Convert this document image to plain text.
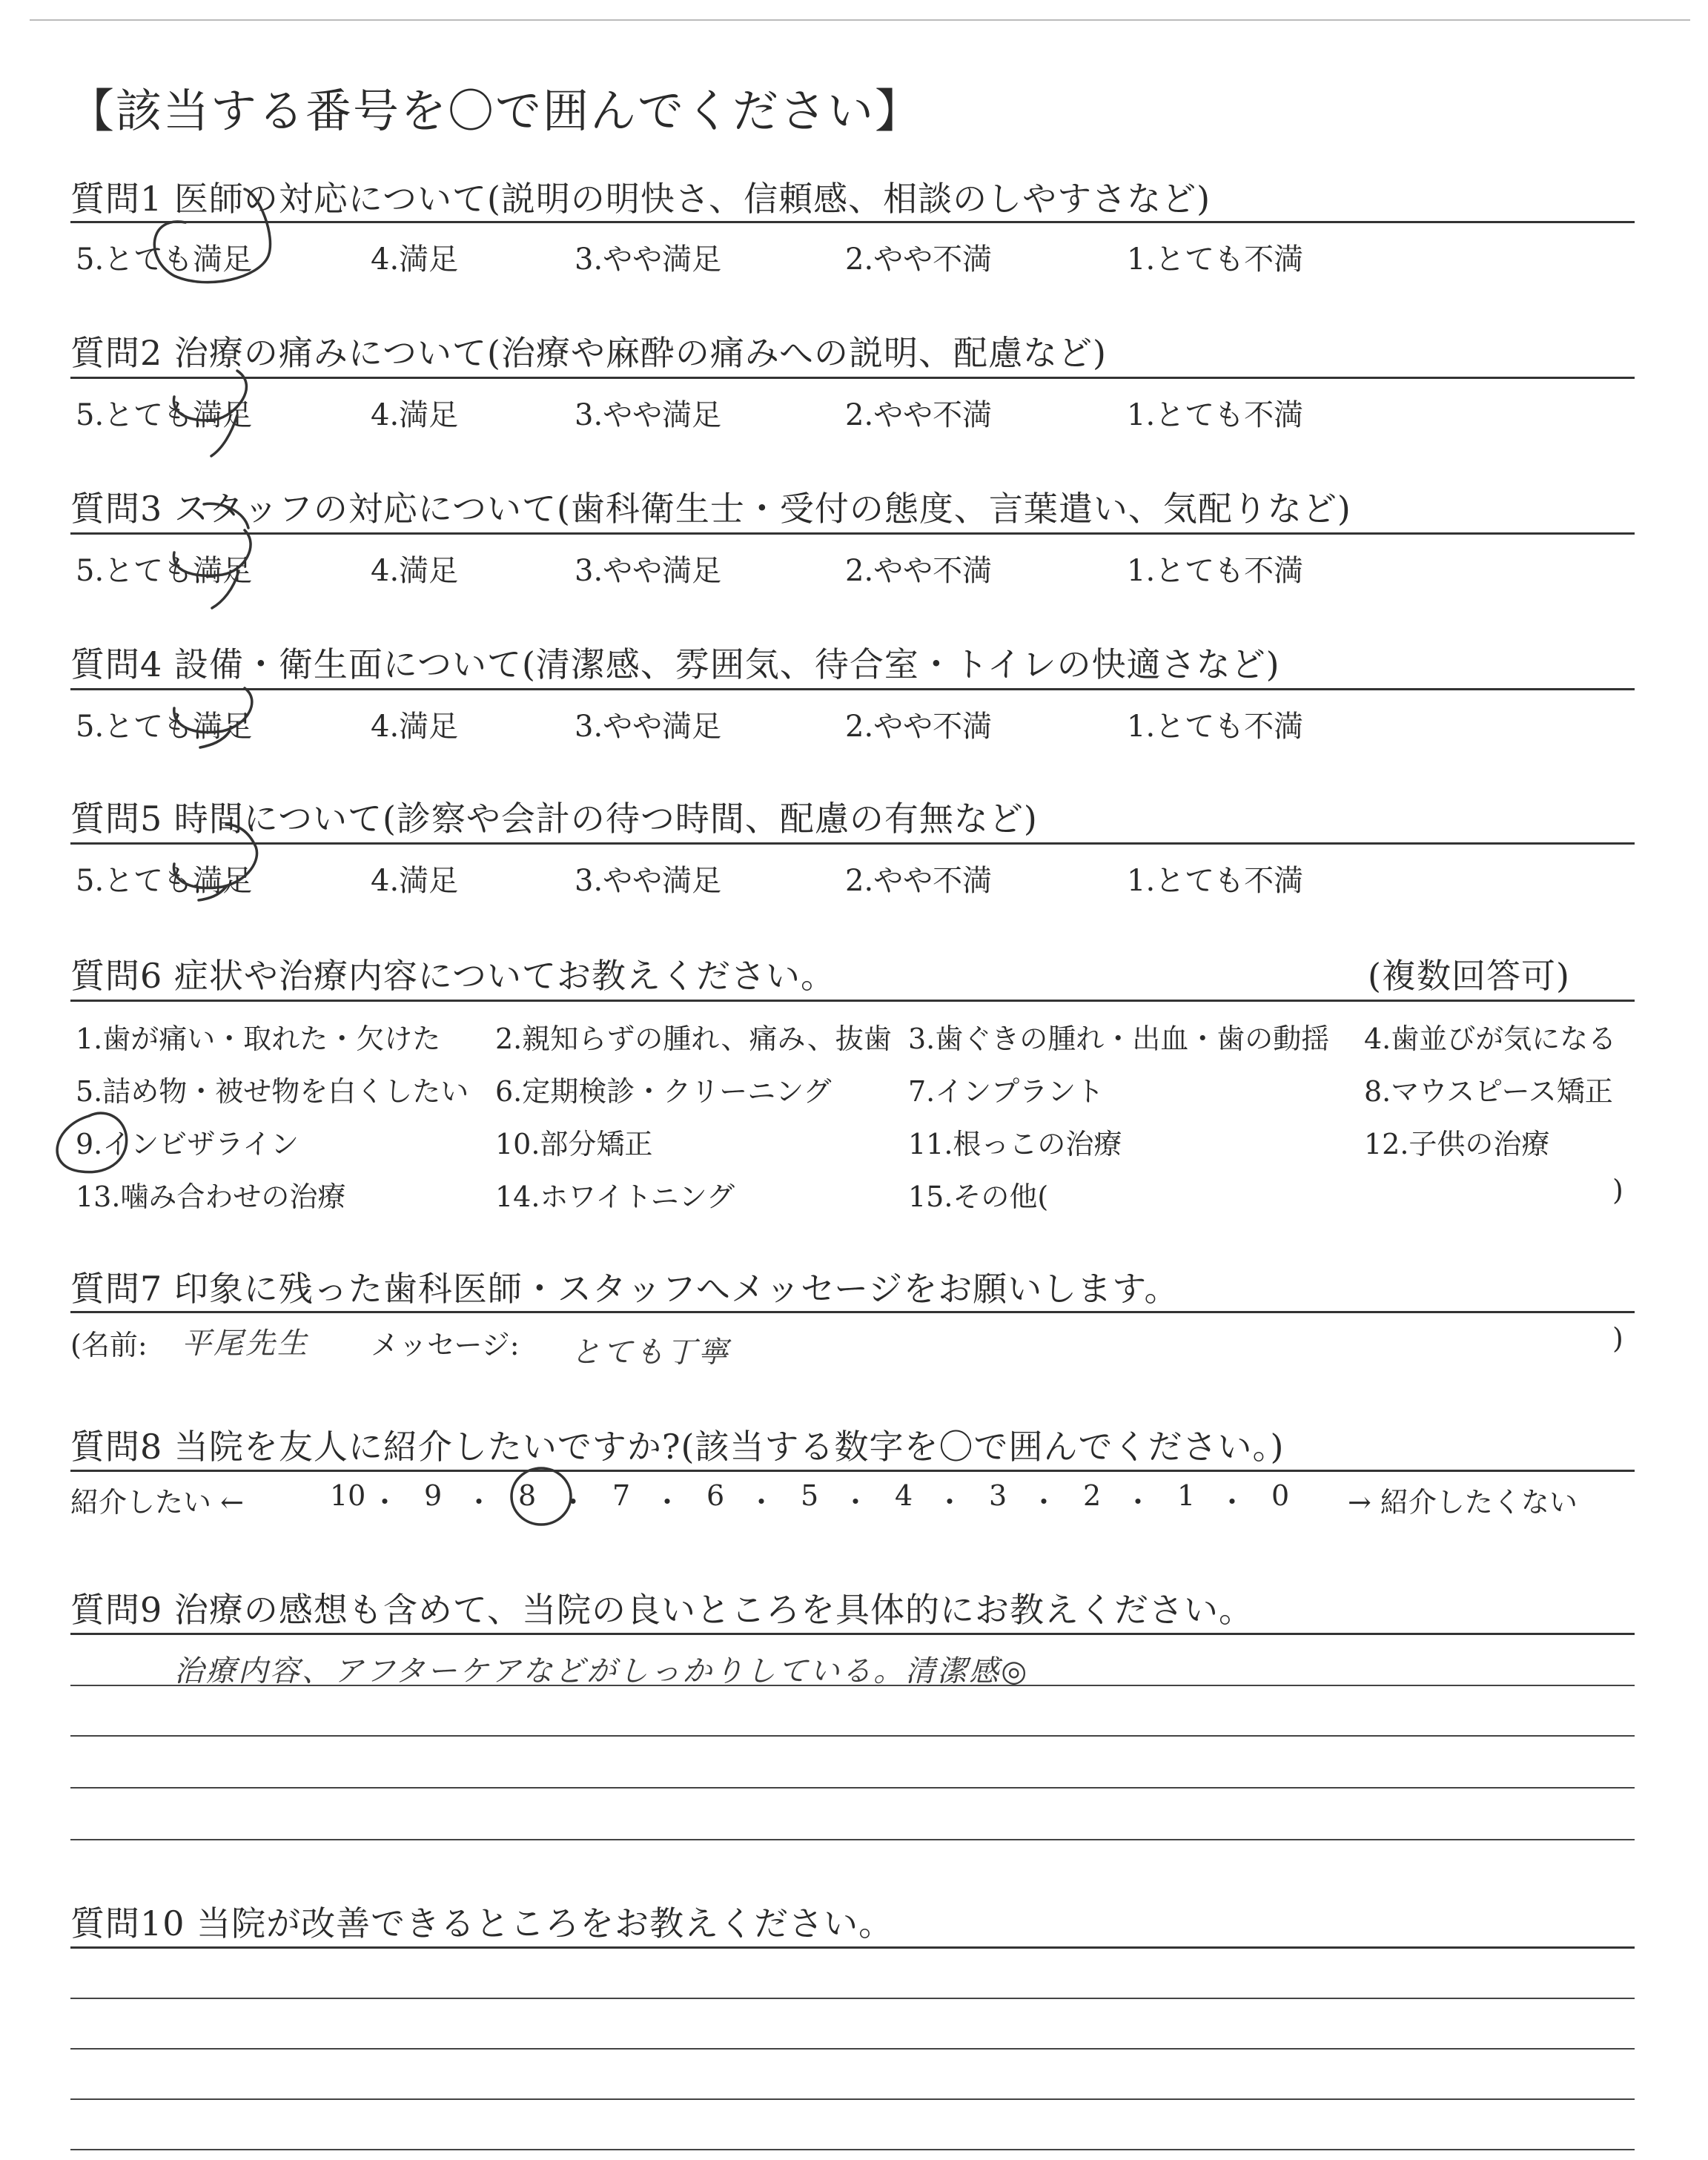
【該当する番号を〇で囲んでください】
質問1 医師の対応について(説明の明快さ、信頼感、相談のしやすさなど)
5.とても満足	4.満足	3.やや満足	2.やや不満	1.とても不満
質問2 治療の痛みについて(治療や麻酔の痛みへの説明、配慮など)
5.とても満足	4.満足	3.やや満足	2.やや不満	1.とても不満
質問3 スタッフの対応について(歯科衛生士・受付の態度、言葉遣い、気配りなど)
5.とても満足	4.満足	3.やや満足	2.やや不満	1.とても不満
質問4 設備・衛生面について(清潔感、雰囲気、待合室・トイレの快適さなど)
5.とても満足	4.満足	3.やや満足	2.やや不満	1.とても不満
質問5 時間について(診察や会計の待つ時間、配慮の有無など)
5.とても満足	4.満足	3.やや満足	2.やや不満	1.とても不満
質問6 症状や治療内容についてお教えください。	(複数回答可)
1.歯が痛い・取れた・欠けた 2.親知らずの腫れ、痛み、抜歯 3.歯ぐきの腫れ・出血・歯の動揺 4.歯並びが気になる
5.詰め物・被せ物を白くしたい 6.定期検診・クリーニング	7.インプラント	8.マウスピース矯正
9.インビザライン	10.部分矯正	11.根っこの治療	12.子供の治療
13.噛み合わせの治療	14.ホワイトニング	15.その他(	)
質問7 印象に残った歯科医師・スタッフへメッセージをお願いします。
(名前: 平尾先生 メッセージ: とても丁寧	)
質問8 当院を友人に紹介したいですか?(該当する数字を〇で囲んでください。)
紹介したい ←	10 ・ 9 ・ 8 ・ 7 ・ 6 ・ 5 ・ 4 ・ 3 ・ 2 ・ 1 ・ 0 → 紹介したくない
質問9 治療の感想も含めて、当院の良いところを具体的にお教えください。
治療内容、アフターケアなどがしっかりしている。清潔感◎
質問10 当院が改善できるところをお教えください。
